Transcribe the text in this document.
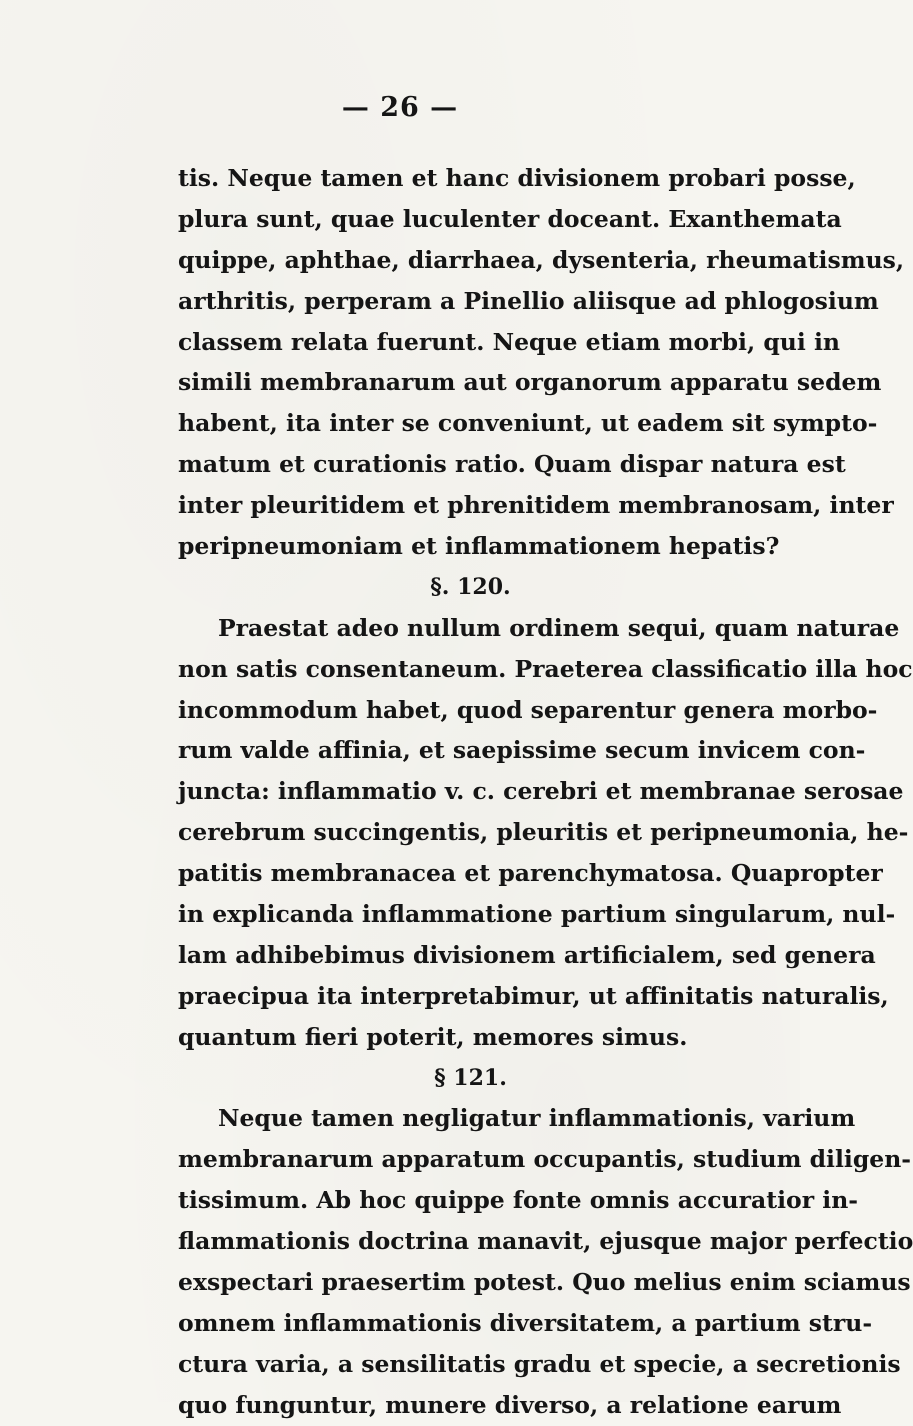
— 26 —
tis. Neque tamen et hanc divisionem probari posse,
plura sunt, quae luculenter doceant. Exanthemata
quippe, aphthae, diarrhaea, dysenteria, rheumatismus,
arthritis, perperam a Pinellio aliisque ad phlogosium
classem relata fuerunt. Neque etiam morbi, qui in
simili membranarum aut organorum apparatu sedem
habent, ita inter se conveniunt, ut eadem sit sympto-
matum et curationis ratio. Quam dispar natura est
inter pleuritidem et phrenitidem membranosam, inter
peripneumoniam et inflammationem hepatis?
§. 120.
Praestat adeo nullum ordinem sequi, quam naturae
non satis consentaneum. Praeterea classificatio illa hoc
incommodum habet, quod separentur genera morbo-
rum valde affinia, et saepissime secum invicem con-
juncta: inflammatio v. c. cerebri et membranae serosae
cerebrum succingentis, pleuritis et peripneumonia, he-
patitis membranacea et parenchymatosa. Quapropter
in explicanda inflammatione partium singularum, nul-
lam adhibebimus divisionem artificialem, sed genera
praecipua ita interpretabimur, ut affinitatis naturalis,
quantum fieri poterit, memores simus.
§ 121.
Neque tamen negligatur inflammationis, varium
membranarum apparatum occupantis, studium diligen-
tissimum. Ab hoc quippe fonte omnis accuratior in-
flammationis doctrina manavit, ejusque major perfectio
exspectari praesertim potest. Quo melius enim sciamus
omnem inflammationis diversitatem, a partium stru-
ctura varia, a sensilitatis gradu et specie, a secretionis
quo funguntur, munere diverso, a relatione earum
